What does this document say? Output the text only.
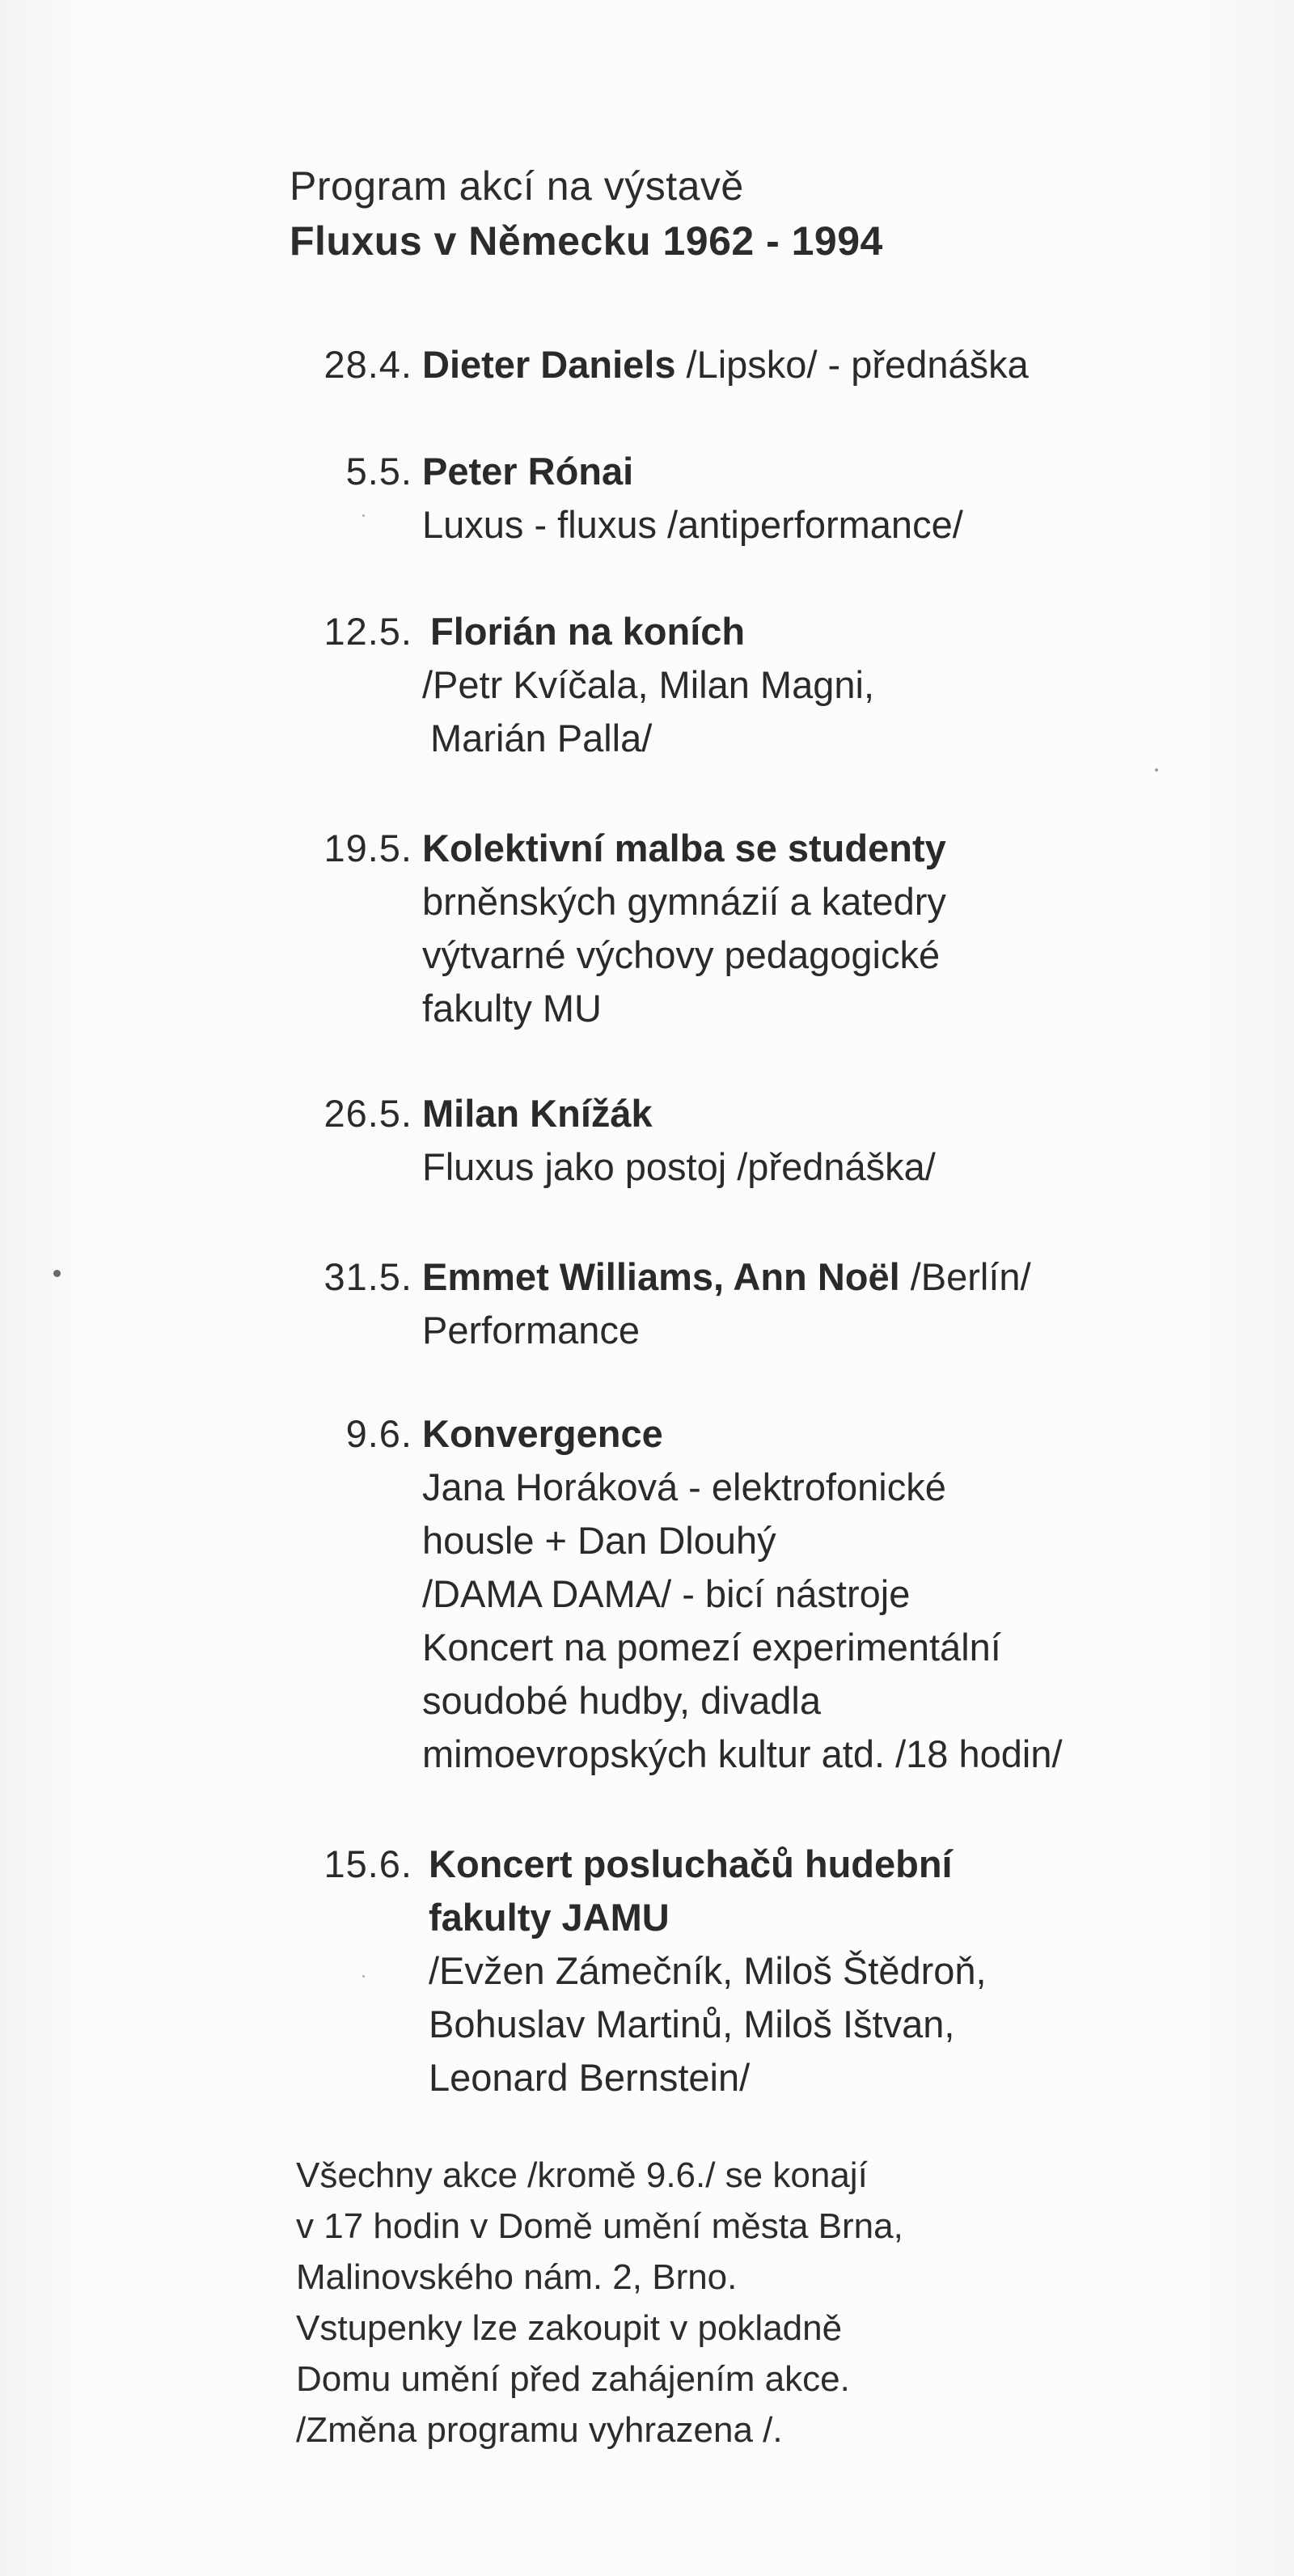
Program akcí na výstavě
Fluxus v Německu 1962 - 1994
28.4. Dieter Daniels /Lipsko/ - přednáška
5.5. Peter Rónai
Luxus - fluxus /antiperformance/
12.5. Florián na koních
/Petr Kvíčala, Milan Magni,
Marián Palla/
19.5. Kolektivní malba se studenty
brněnských gymnázií a katedry
výtvarné výchovy pedagogické
fakulty MU
26.5. Milan Knížák
Fluxus jako postoj /přednáška/
31.5. Emmet Williams, Ann Noël /Berlín/
Performance
9.6. Konvergence
Jana Horáková - elektrofonické
housle + Dan Dlouhý
/DAMA DAMA/ - bicí nástroje
Koncert na pomezí experimentální
soudobé hudby, divadla
mimoevropských kultur atd. /18 hodin/
15.6. Koncert posluchačů hudební
fakulty JAMU
/Evžen Zámečník, Miloš Štědroň,
Bohuslav Martinů, Miloš Ištvan,
Leonard Bernstein/
Všechny akce /kromě 9.6./ se konají
v 17 hodin v Domě umění města Brna,
Malinovského nám. 2, Brno.
Vstupenky lze zakoupit v pokladně
Domu umění před zahájením akce.
/Změna programu vyhrazena /.
